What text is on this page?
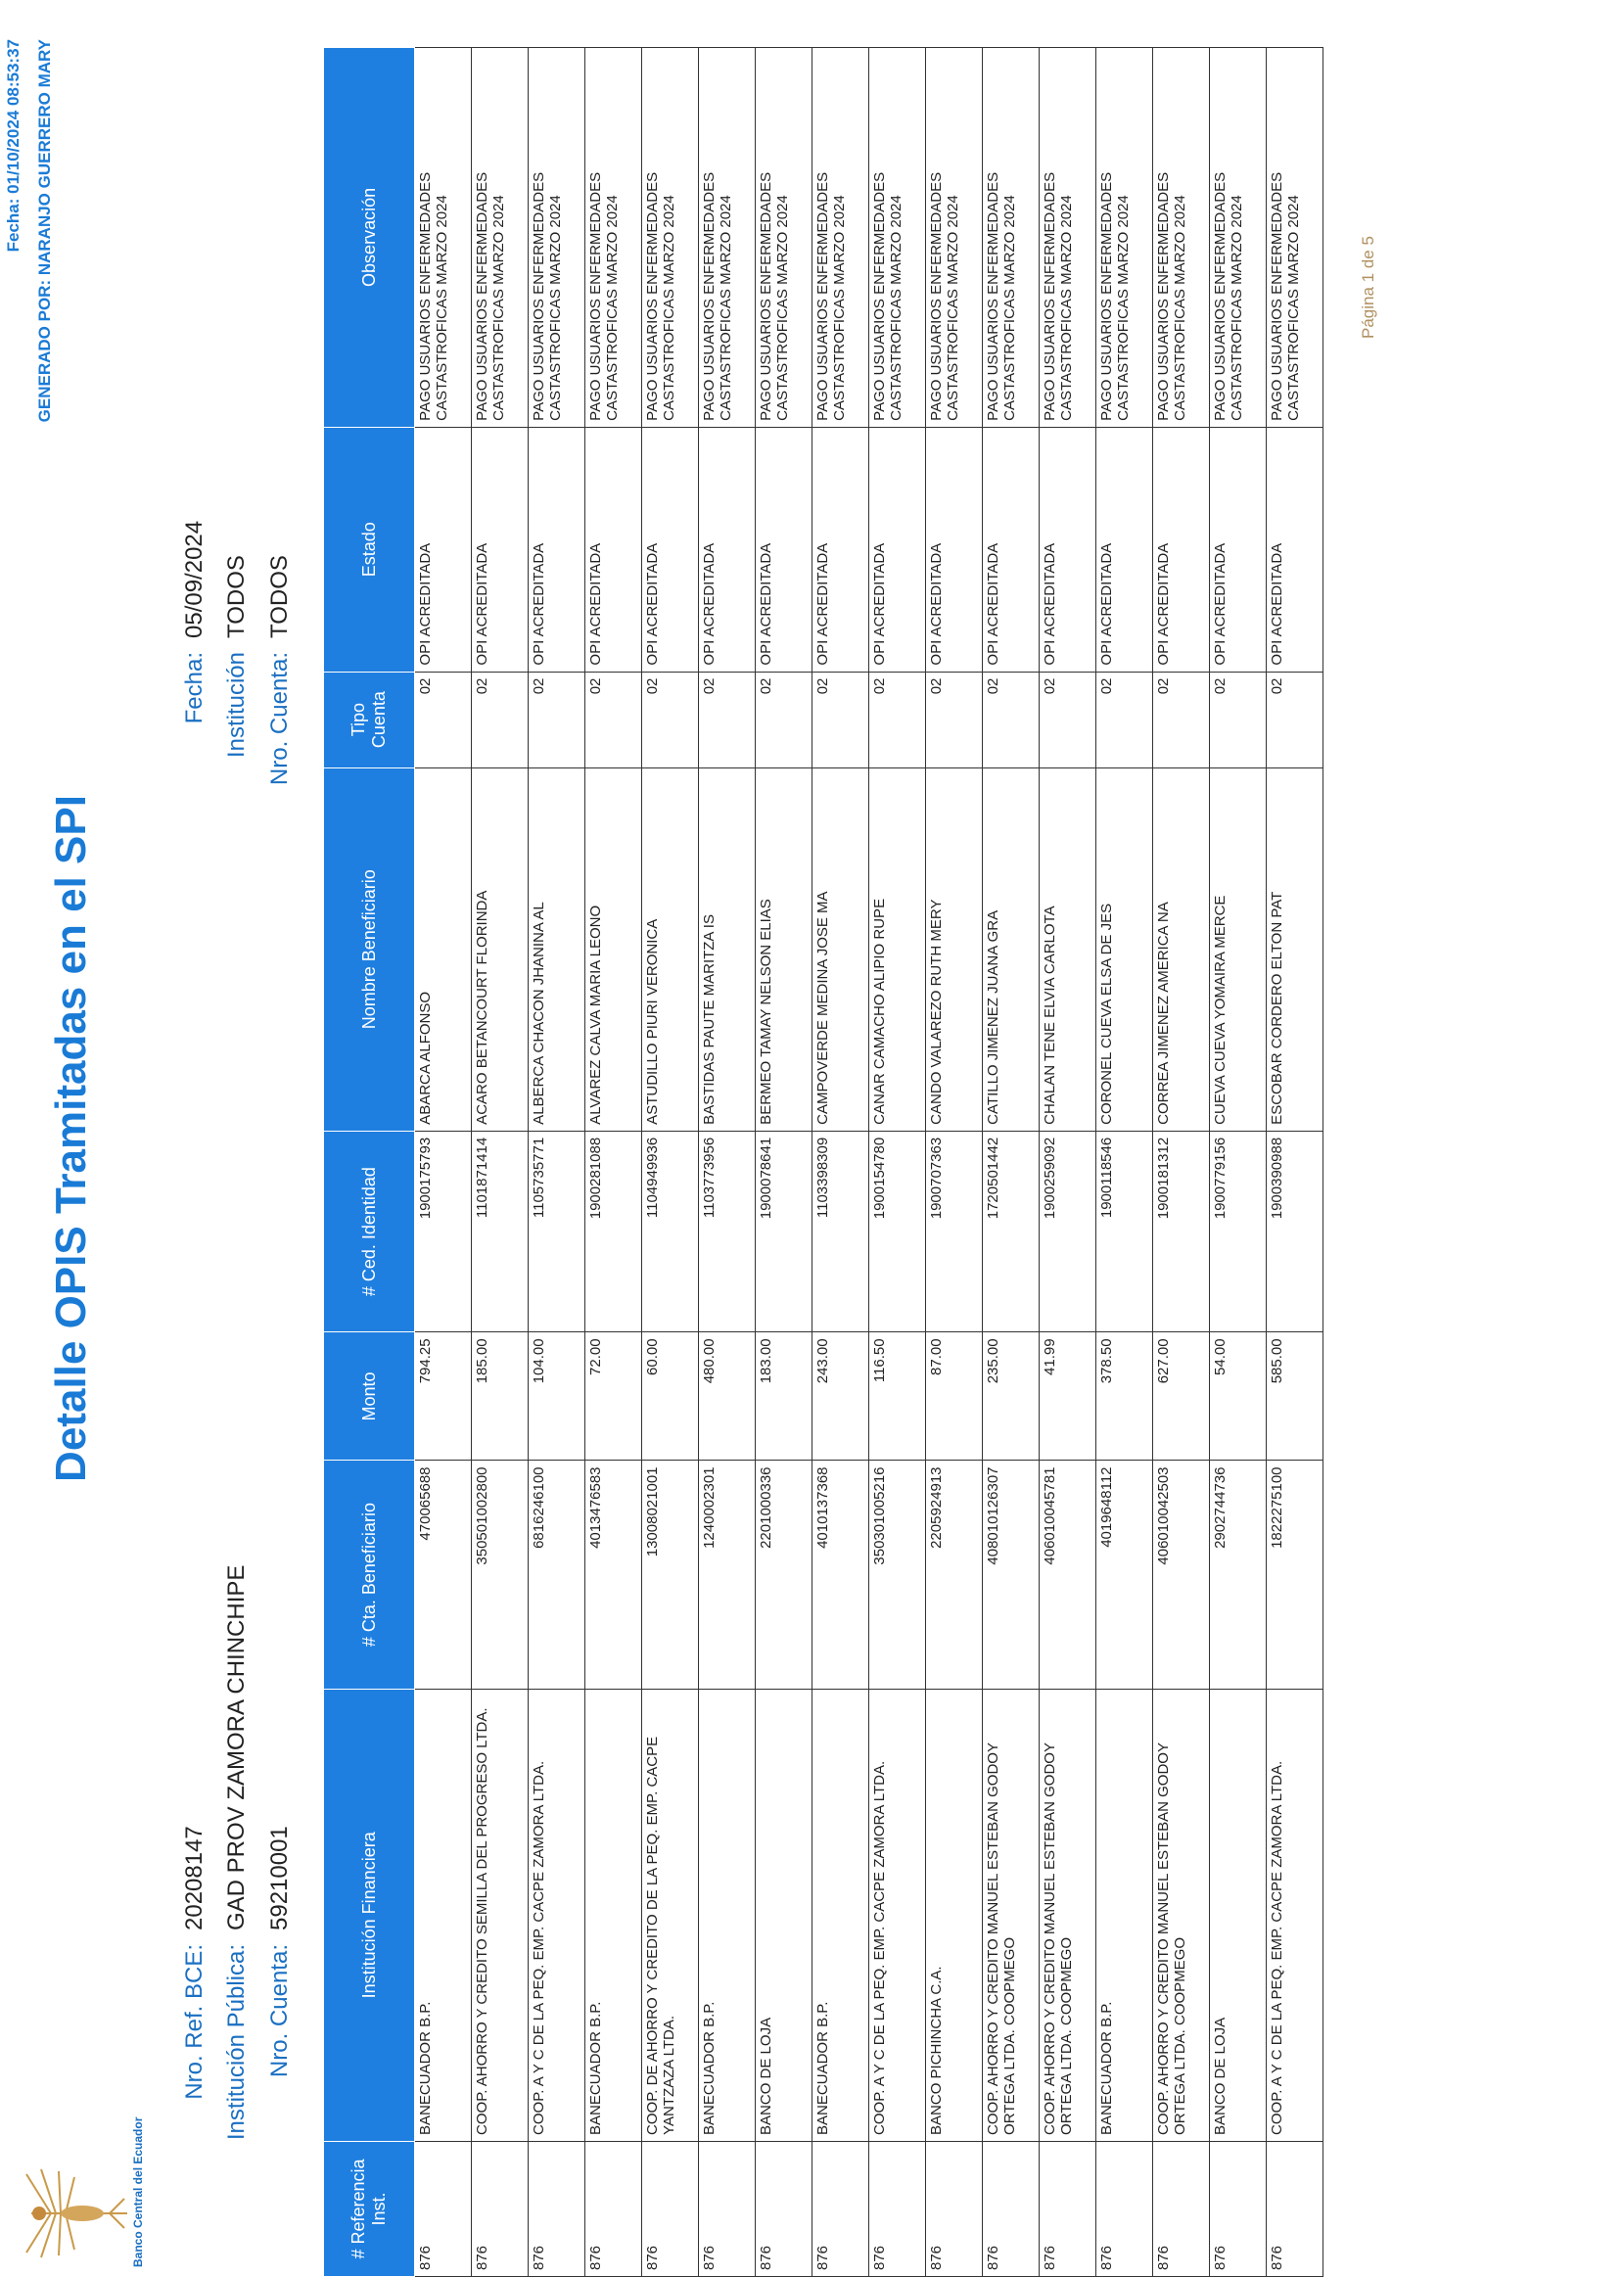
Banco Central del Ecuador
Nro. Ref. BCE:20208147
Institución Pública:GAD PROV ZAMORA CHINCHIPE
Nro. Cuenta:59210001
Detalle OPIS Tramitadas en el SPI
Fecha:05/09/2024
InstituciónTODOS
Nro. Cuenta:TODOS
Fecha: 01/10/2024 08:53:37 GENERADO POR: NARANJO GUERRERO MARY
# Referencia Inst.	Institución Financiera	# Cta. Beneficiario	Monto	# Ced. Identidad	Nombre Beneficiario	Tipo Cuenta	Estado	Observación
876	BANECUADOR B.P.	470065688	794.25	1900175793	ABARCA ALFONSO	02	OPI ACREDITADA	PAGO USUARIOS ENFERMEDADES CASTASTROFICAS MARZO 2024
876	COOP. AHORRO Y CREDITO SEMILLA DEL PROGRESO LTDA.	35050100280​0	185.00	1101871414	ACARO BETANCOURT FLORINDA	02	OPI ACREDITADA	PAGO USUARIOS ENFERMEDADES CASTASTROFICAS MARZO 2024
876	COOP. A Y C DE LA PEQ. EMP. CACPE ZAMORA LTDA.	6816246100	104.00	1105735771	ALBERCA CHACON JHANINA AL	02	OPI ACREDITADA	PAGO USUARIOS ENFERMEDADES CASTASTROFICAS MARZO 2024
876	BANECUADOR B.P.	4013476583	72.00	1900281088	ALVAREZ CALVA MARIA LEONO	02	OPI ACREDITADA	PAGO USUARIOS ENFERMEDADES CASTASTROFICAS MARZO 2024
876	COOP. DE AHORRO Y CREDITO DE LA PEQ. EMP. CACPE YANTZAZA LTDA.	13008021001	60.00	1104949936	ASTUDILLO PIURI VERONICA	02	OPI ACREDITADA	PAGO USUARIOS ENFERMEDADES CASTASTROFICAS MARZO 2024
876	BANECUADOR B.P.	1240002301	480.00	1103773956	BASTIDAS PAUTE MARITZA IS	02	OPI ACREDITADA	PAGO USUARIOS ENFERMEDADES CASTASTROFICAS MARZO 2024
876	BANCO DE LOJA	2201000336	183.00	1900078641	BERMEO TAMAY NELSON ELIAS	02	OPI ACREDITADA	PAGO USUARIOS ENFERMEDADES CASTASTROFICAS MARZO 2024
876	BANECUADOR B.P.	4010137368	243.00	1103398309	CAMPOVERDE MEDINA JOSE MA	02	OPI ACREDITADA	PAGO USUARIOS ENFERMEDADES CASTASTROFICAS MARZO 2024
876	COOP. A Y C DE LA PEQ. EMP. CACPE ZAMORA LTDA.	35030100521​6	116.50	1900154780	CANAR CAMACHO ALIPIO RUPE	02	OPI ACREDITADA	PAGO USUARIOS ENFERMEDADES CASTASTROFICAS MARZO 2024
876	BANCO PICHINCHA C.A.	2205924913	87.00	1900707363	CANDO VALAREZO RUTH MERY	02	OPI ACREDITADA	PAGO USUARIOS ENFERMEDADES CASTASTROFICAS MARZO 2024
876	COOP. AHORRO Y CREDITO MANUEL ESTEBAN GODOY ORTEGA LTDA. COOPMEGO	408010126307	235.00	1720501442	CATILLO JIMENEZ JUANA GRA	02	OPI ACREDITADA	PAGO USUARIOS ENFERMEDADES CASTASTROFICAS MARZO 2024
876	COOP. AHORRO Y CREDITO MANUEL ESTEBAN GODOY ORTEGA LTDA. COOPMEGO	406010045781	41.99	1900259092	CHALAN TENE ELVIA CARLOTA	02	OPI ACREDITADA	PAGO USUARIOS ENFERMEDADES CASTASTROFICAS MARZO 2024
876	BANECUADOR B.P.	4019648112	378.50	1900118546	CORONEL CUEVA ELSA DE JES	02	OPI ACREDITADA	PAGO USUARIOS ENFERMEDADES CASTASTROFICAS MARZO 2024
876	COOP. AHORRO Y CREDITO MANUEL ESTEBAN GODOY ORTEGA LTDA. COOPMEGO	406010042503	627.00	1900181312	CORREA JIMENEZ AMERICA NA	02	OPI ACREDITADA	PAGO USUARIOS ENFERMEDADES CASTASTROFICAS MARZO 2024
876	BANCO DE LOJA	2902744736	54.00	1900779156	CUEVA CUEVA YOMAIRA MERCE	02	OPI ACREDITADA	PAGO USUARIOS ENFERMEDADES CASTASTROFICAS MARZO 2024
876	COOP. A Y C DE LA PEQ. EMP. CACPE ZAMORA LTDA.	1822275100	585.00	1900390988	ESCOBAR CORDERO ELTON PAT	02	OPI ACREDITADA	PAGO USUARIOS ENFERMEDADES CASTASTROFICAS MARZO 2024	Página 1 de 5
